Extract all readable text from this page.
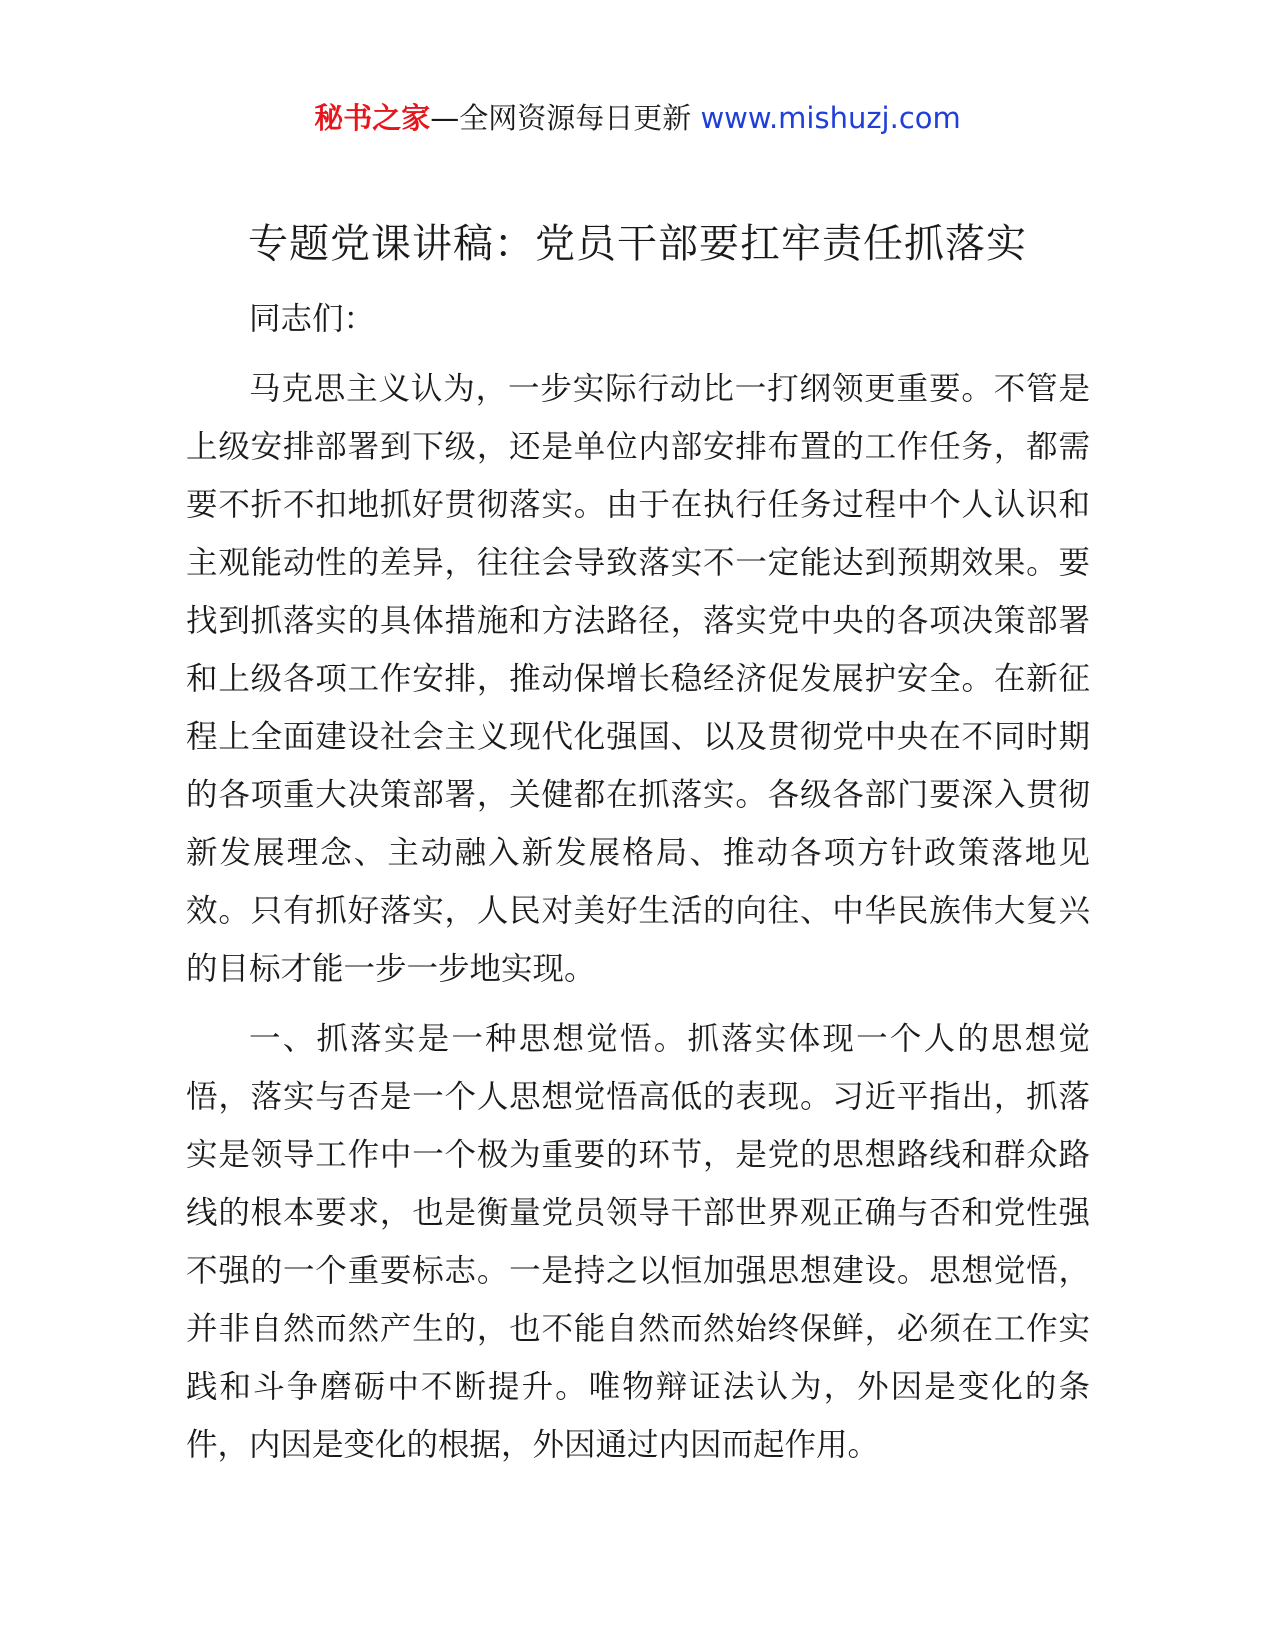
秘书之家—全网资源每日更新 www.mishuzj.com
专题党课讲稿：党员干部要扛牢责任抓落实

同志们：

马克思主义认为，一步实际行动比一打纲领更重要。不管是上级安排部署到下级，还是单位内部安排布置的工作任务，都需要不折不扣地抓好贯彻落实。由于在执行任务过程中个人认识和主观能动性的差异，往往会导致落实不一定能达到预期效果。要找到抓落实的具体措施和方法路径，落实党中央的各项决策部署和上级各项工作安排，推动保增长稳经济促发展护安全。在新征程上全面建设社会主义现代化强国、以及贯彻党中央在不同时期的各项重大决策部署，关健都在抓落实。各级各部门要深入贯彻新发展理念、主动融入新发展格局、推动各项方针政策落地见效。只有抓好落实，人民对美好生活的向往、中华民族伟大复兴的目标才能一步一步地实现。

一、抓落实是一种思想觉悟。抓落实体现一个人的思想觉悟，落实与否是一个人思想觉悟高低的表现。习近平指出，抓落实是领导工作中一个极为重要的环节，是党的思想路线和群众路线的根本要求，也是衡量党员领导干部世界观正确与否和党性强不强的一个重要标志。一是持之以恒加强思想建设。思想觉悟，并非自然而然产生的，也不能自然而然始终保鲜，必须在工作实践和斗争磨砺中不断提升。唯物辩证法认为，外因是变化的条件，内因是变化的根据，外因通过内因而起作用。
